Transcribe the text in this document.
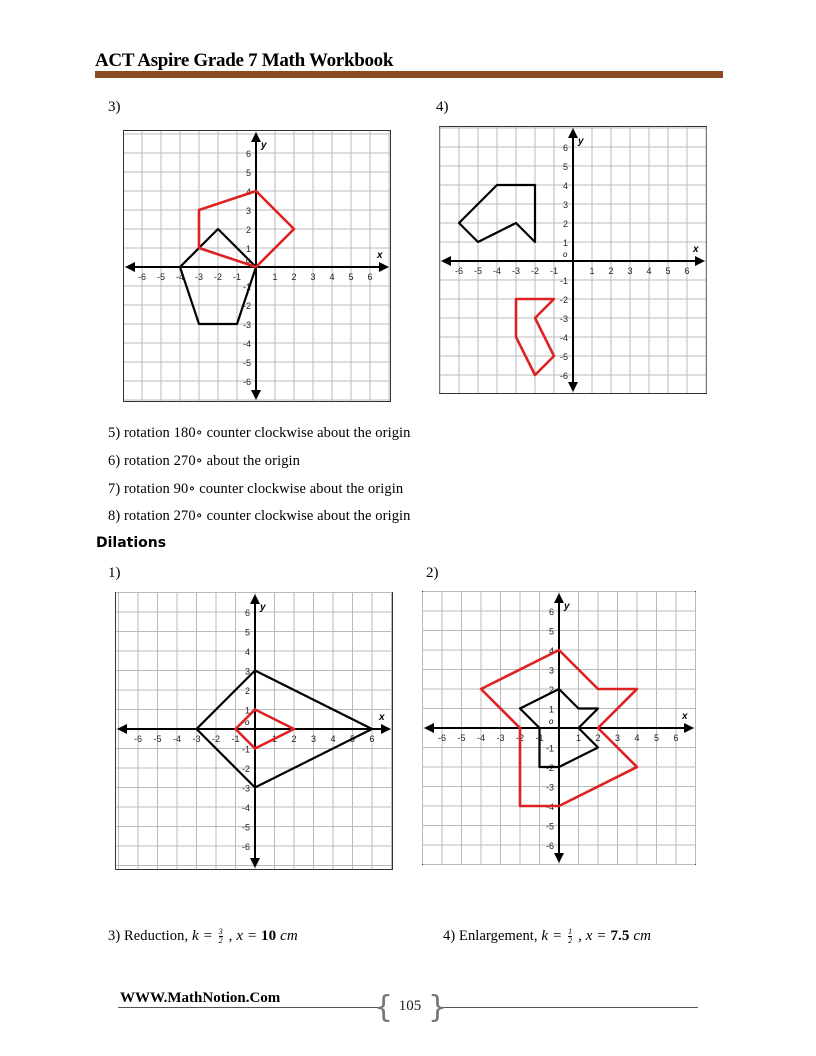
ACT Aspire Grade 7 Math Workbook
3)	4)
-6
-6
-5
-5
-4
-4
-3
-3
-2
-2
-1
-1
1
1
2
2
3
3
4
4
5
5
6
6
x
y
o
-6
-6
-5
-5
-4
-4
-3
-3
-2
-2
-1
-1
1
1
2
2
3
3
4
4
5
5
6
6
x
y
o
5) rotation 180∘ counter clockwise about the origin
6) rotation 270∘ about the origin
7) rotation 90∘ counter clockwise about the origin
8) rotation 270∘ counter clockwise about the origin
Dilations
1)	2)
-6
-6
-5
-5
-4
-4
-3
-3
-2
-2
-1
-1
1
1
2
2
3
3
4
4
5
5
6
6
x
y
o
-6
-6
-5
-5
-4
-4
-3
-3
-2
-2
-1
-1
1
1
2
2
3
3
4
4
5
5
6
6
x
y
o
3) Reduction, $k = \frac{3}{2}$ , x = 10 cm	4) Enlargement, $k = \frac{1}{2}$ , x = 7.5 cm
WWW.MathNotion.Com	{ 105 }
